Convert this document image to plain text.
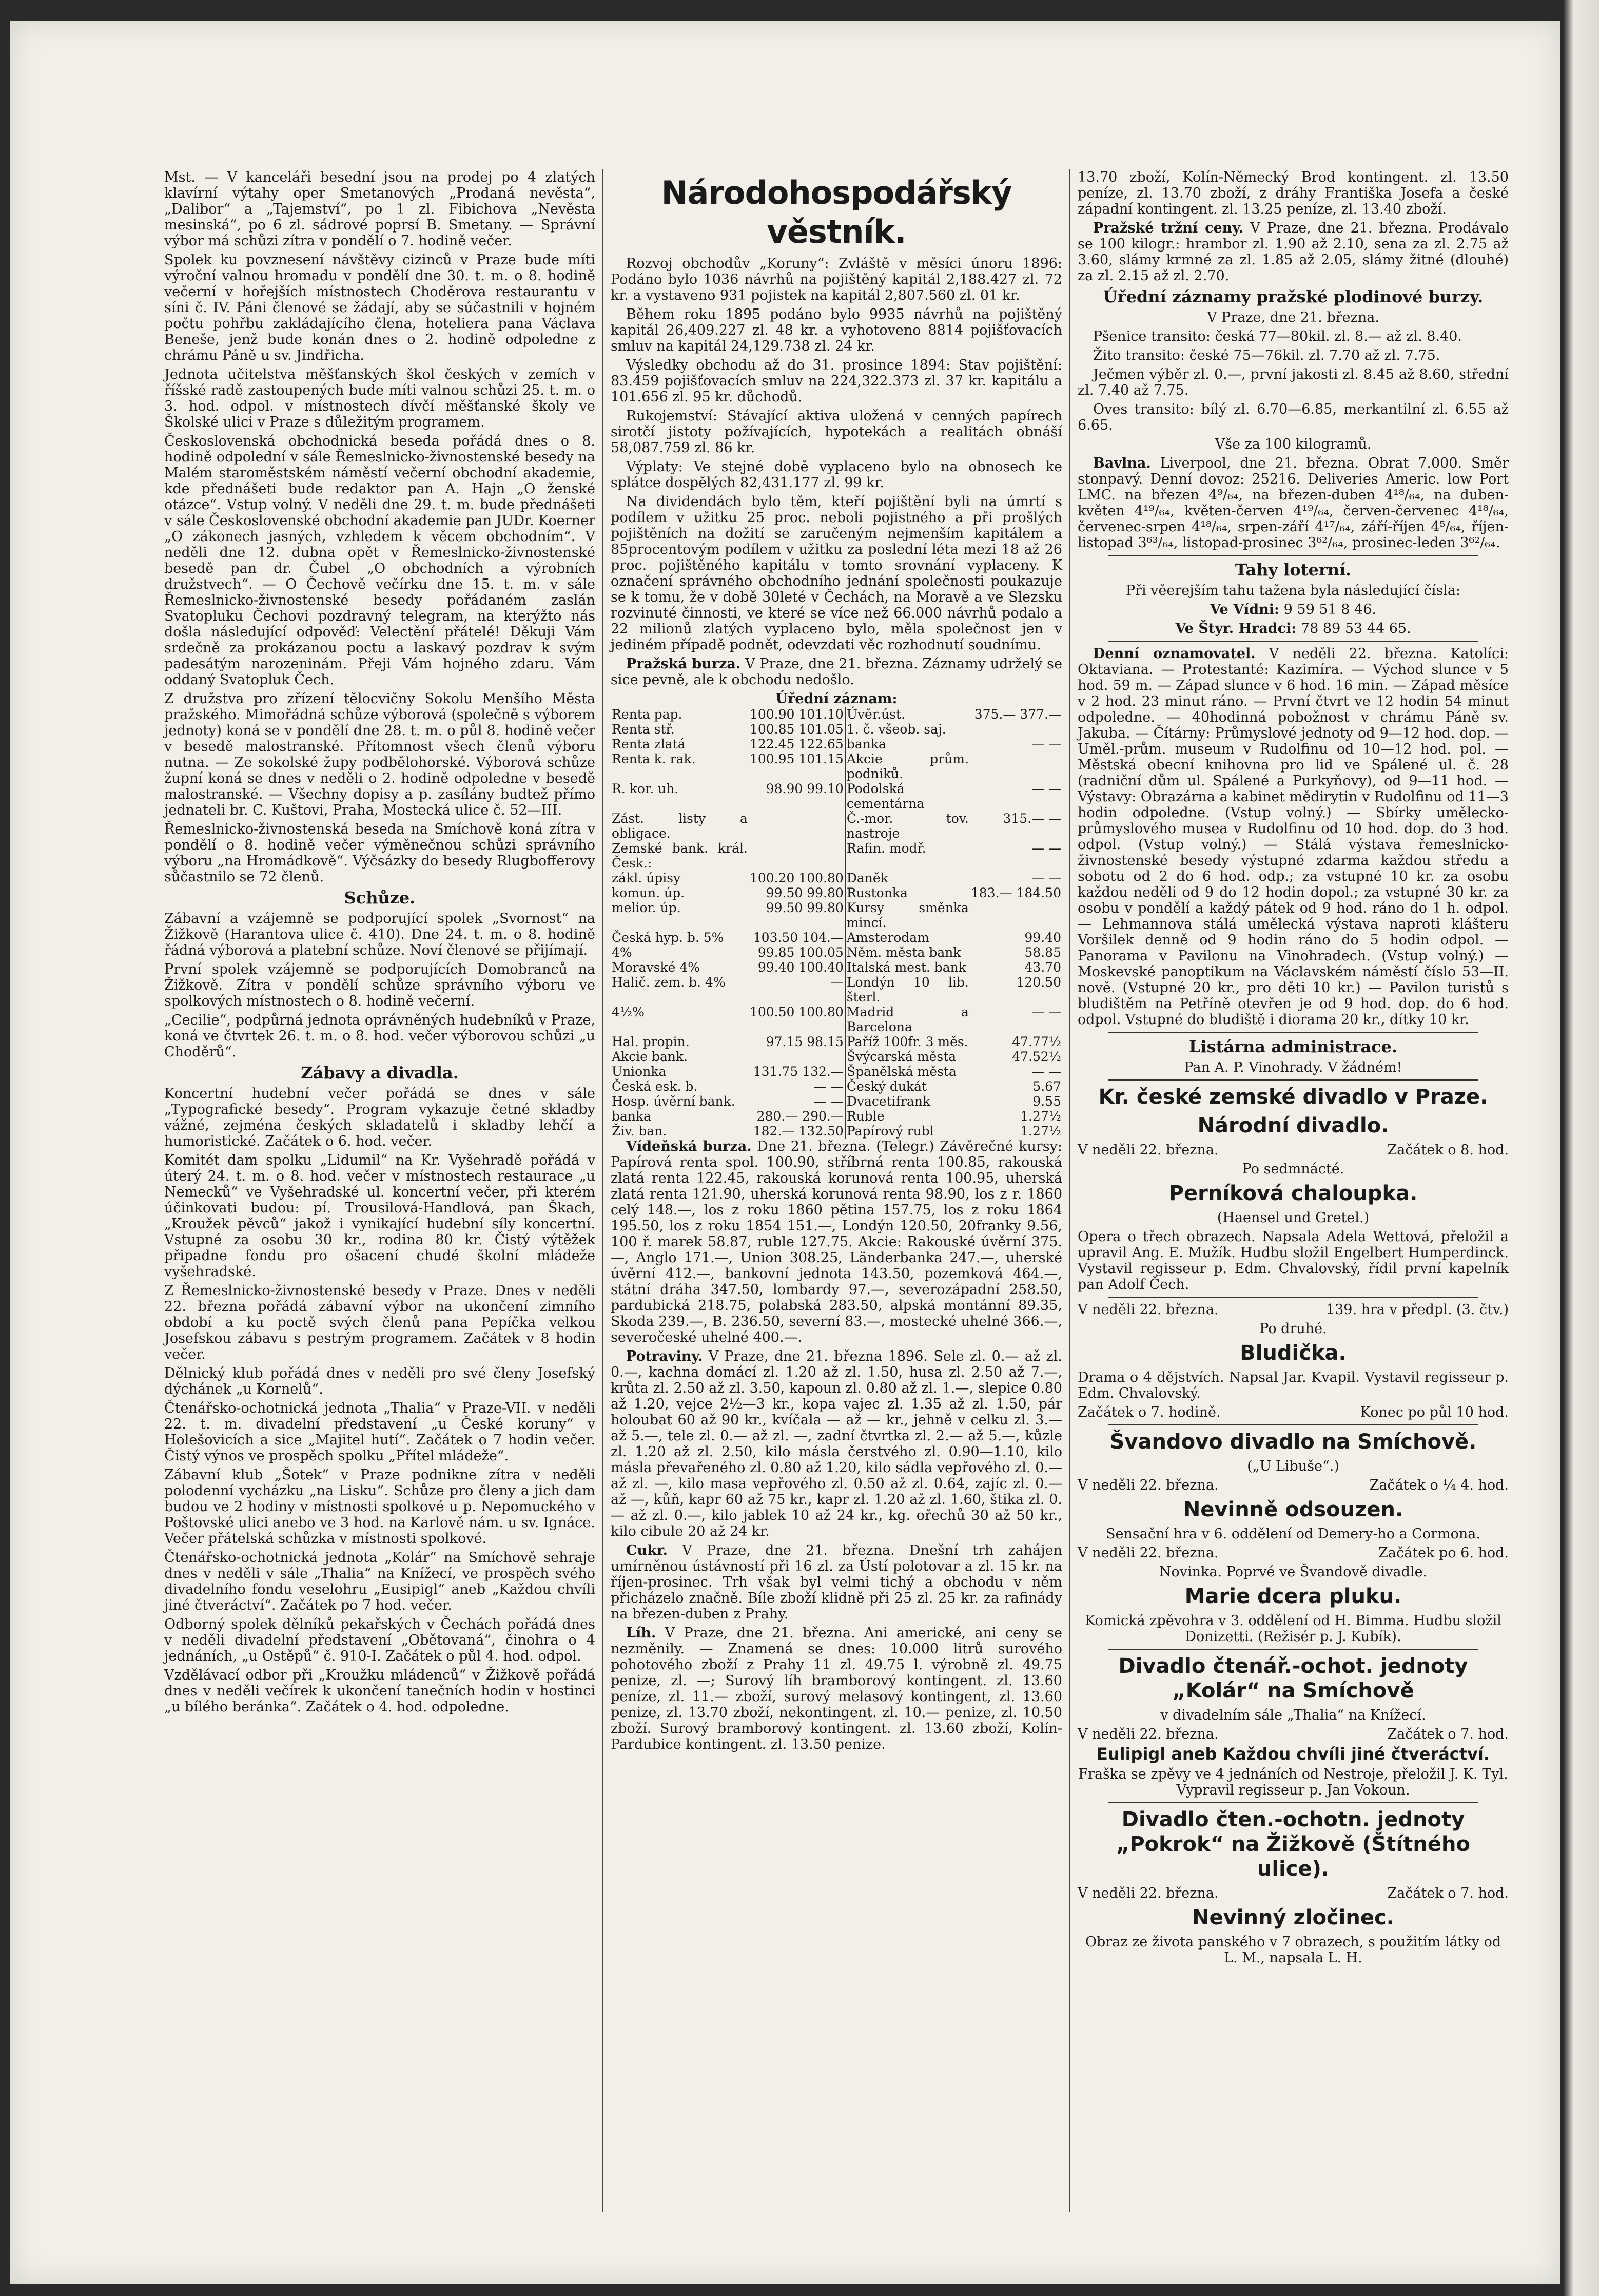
Mst. — V kanceláři besední jsou na prodej po 4 zlatých klavírní výtahy oper Smetanových „Prodaná nevěsta“, „Dalibor“ a „Tajemství“, po 1 zl. Fibichova „Nevěsta mesinská“, po 6 zl. sádrové poprsí B. Smetany. — Správní výbor má schůzi zítra v pondělí o 7. hodině večer.

Spolek ku povznesení návštěvy cizinců v Praze bude míti výroční valnou hromadu v pondělí dne 30. t. m. o 8. hodině večerní v hořejších místnostech Choděrova restaurantu v síni č. IV. Páni členové se žádají, aby se súčastnili v hojném počtu pohřbu zakládajícího člena, hoteliera pana Václava Beneše, jenž bude konán dnes o 2. hodině odpoledne z chrámu Páně u sv. Jindřicha.

Jednota učitelstva měšťanských škol českých v zemích v říšské radě zastoupených bude míti valnou schůzi 25. t. m. o 3. hod. odpol. v místnostech dívčí měšťanské školy ve Školské ulici v Praze s důležitým programem.

Československá obchodnická beseda pořádá dnes o 8. hodině odpolední v sále Řemeslnicko-živnostenské besedy na Malém staroměstském náměstí večerní obchodní akademie, kde přednášeti bude redaktor pan A. Hajn „O ženské otázce“. Vstup volný. V neděli dne 29. t. m. bude přednášeti v sále Československé obchodní akademie pan JUDr. Koerner „O zákonech jasných, vzhledem k věcem obchodním“. V neděli dne 12. dubna opět v Řemeslnicko-živnostenské besedě pan dr. Čubel „O obchodních a výrobních družstvech“. — O Čechově večírku dne 15. t. m. v sále Řemeslnicko-živnostenské besedy pořádaném zaslán Svatopluku Čechovi pozdravný telegram, na kterýžto nás došla následující odpověď: Velectění přátelé! Děkuji Vám srdečně za prokázanou poctu a laskavý pozdrav k svým padesátým narozeninám. Přeji Vám hojného zdaru. Vám oddaný Svatopluk Čech.

Z družstva pro zřízení tělocvičny Sokolu Menšího Města pražského. Mimořádná schůze výborová (společně s výborem jednoty) koná se v pondělí dne 28. t. m. o půl 8. hodině večer v besedě malostranské. Přítomnost všech členů výboru nutna. — Ze sokolské župy podbělohorské. Výborová schůze župní koná se dnes v neděli o 2. hodině odpoledne v besedě malostranské. — Všechny dopisy a p. zasílány budtež přímo jednateli br. C. Kuštovi, Praha, Mostecká ulice č. 52—III.

Řemeslnicko-živnostenská beseda na Smíchově koná zítra v pondělí o 8. hodině večer výměnečnou schůzi správního výboru „na Hromádkově“. Výčsázky do besedy Rlugbofferovy sůčastnilo se 72 členů.

Schůze.

Zábavní a vzájemně se podporující spolek „Svornost“ na Žižkově (Harantova ulice č. 410). Dne 24. t. m. o 8. hodině řádná výborová a platební schůze. Noví členové se přijímají.

První spolek vzájemně se podporujících Domobranců na Žižkově. Zítra v pondělí schůze správního výboru ve spolkových místnostech o 8. hodině večerní.

„Cecilie“, podpůrná jednota oprávněných hudebníků v Praze, koná ve čtvrtek 26. t. m. o 8. hod. večer výborovou schůzi „u Choděrů“.

Zábavy a divadla.

Koncertní hudební večer pořádá se dnes v sále „Typografické besedy“. Program vykazuje četné skladby vážné, zejména českých skladatelů i skladby lehčí a humoristické. Začátek o 6. hod. večer.

Komitét dam spolku „Lidumil“ na Kr. Vyšehradě pořádá v úterý 24. t. m. o 8. hod. večer v místnostech restaurace „u Nemecků“ ve Vyšehradské ul. koncertní večer, při kterém účinkovati budou: pí. Trousilová-Handlová, pan Škach, „Kroužek pěvců“ jakož i vynikající hudební síly koncertní. Vstupné za osobu 30 kr., rodina 80 kr. Čistý výtěžek připadne fondu pro ošacení chudé školní mládeže vyšehradské.

Z Řemeslnicko-živnostenské besedy v Praze. Dnes v neděli 22. března pořádá zábavní výbor na ukončení zimního období a ku poctě svých členů pana Pepíčka velkou Josefskou zábavu s pestrým programem. Začátek v 8 hodin večer.

Dělnický klub pořádá dnes v neděli pro své členy Josefský dýchánek „u Kornelů“.

Čtenářsko-ochotnická jednota „Thalia“ v Praze-VII. v neděli 22. t. m. divadelní představení „u České koruny“ v Holešovicích a sice „Majitel hutí“. Začátek o 7 hodin večer. Čistý výnos ve prospěch spolku „Přítel mládeže“.

Zábavní klub „Šotek“ v Praze podnikne zítra v neděli polodenní vycházku „na Lisku“. Schůze pro členy a jich dam budou ve 2 hodiny v místnosti spolkové u p. Nepomuckého v Poštovské ulici anebo ve 3 hod. na Karlově nám. u sv. Ignáce. Večer přátelská schůzka v místnosti spolkové.

Čtenářsko-ochotnická jednota „Kolár“ na Smíchově sehraje dnes v neděli v sále „Thalia“ na Knížecí, ve prospěch svého divadelního fondu veselohru „Eusipigl“ aneb „Každou chvíli jiné čtveráctví“. Začátek po 7 hod. večer.

Odborný spolek dělníků pekařských v Čechách pořádá dnes v neděli divadelní představení „Obětovaná“, činohra o 4 jednáních, „u Ostěpů“ č. 910-I. Začátek o půl 4. hod. odpol.

Vzdělávací odbor při „Kroužku mládenců“ v Žižkově pořádá dnes v neděli večírek k ukončení tanečních hodin v hostinci „u bílého beránka“. Začátek o 4. hod. odpoledne.

Národohospodářský věstník.

Rozvoj obchodův „Koruny“: Zvláště v měsíci únoru 1896: Podáno bylo 1036 návrhů na pojištěný kapitál 2,188.427 zl. 72 kr. a vystaveno 931 pojistek na kapitál 2,807.560 zl. 01 kr.

Během roku 1895 podáno bylo 9935 návrhů na pojištěný kapitál 26,409.227 zl. 48 kr. a vyhotoveno 8814 pojišťovacích smluv na kapitál 24,129.738 zl. 24 kr.

Výsledky obchodu až do 31. prosince 1894: Stav pojištění: 83.459 pojišťovacích smluv na 224,322.373 zl. 37 kr. kapitálu a 101.656 zl. 95 kr. důchodů.

Rukojemství: Stávající aktiva uložená v cenných papírech sirotčí jistoty požívajících, hypotekách a realitách obnáší 58,087.759 zl. 86 kr.

Výplaty: Ve stejné době vyplaceno bylo na obnosech ke splátce dospělých 82,431.177 zl. 99 kr.

Na dividendách bylo těm, kteří pojištění byli na úmrtí s podílem v užitku 25 proc. neboli pojistného a při prošlých pojištěních na dožití se zaručeným nejmenším kapitálem a 85procentovým podílem v užitku za poslední léta mezi 18 až 26 proc. pojištěného kapitálu v tomto srovnání vyplaceny. K označení správného obchodního jednání společnosti poukazuje se k tomu, že v době 30leté v Čechách, na Moravě a ve Slezsku rozvinuté činnosti, ve které se více než 66.000 návrhů podalo a 22 milionů zlatých vyplaceno bylo, měla společnost jen v jediném případě podnět, odevzdati věc rozhodnutí soudnímu.

Pražská burza. V Praze, dne 21. března. Záznamy udrželý se sice pevně, ale k obchodu nedošlo.

Úřední záznam:
Renta pap.	100.90 101.10	Úvěr.úst.	375.— 377.—
Renta stř.	100.85 101.05	1. č. všeob. saj.	
Renta zlatá	122.45 122.65	banka	— —
Renta k. rak.	100.95 101.15	Akcie prům. podniků.	
R. kor. uh.	98.90 99.10	Podolská cementárna	— —
Zást. listy a obligace.		Č.-mor. tov. nastroje	315.— —
Zemské bank. král. Česk.:		Rafin. modř.	— —
zákl. úpisy	100.20 100.80	Daněk	— —
komun. úp.	99.50 99.80	Rustonka	183.— 184.50
melior. úp.	99.50 99.80	Kursy směnka mincí.	
Česká hyp. b. 5%	103.50 104.—	Amsterodam	99.40
4%	99.85 100.05	Něm. města bank	58.85
Moravské 4%	99.40 100.40	Italská mest. bank	43.70
Halič. zem. b. 4%	—	Londýn 10 lib. šterl.	120.50
4½%	100.50 100.80	Madrid a Barcelona	— —
Hal. propin.	97.15 98.15	Paříž 100fr. 3 měs.	47.77½
Akcie bank.		Švýcarská města	47.52½
Unionka	131.75 132.—	Španělská města	— —
Česká esk. b.	— —	Český dukát	5.67
Hosp. úvěrní bank.	— —	Dvacetifrank	9.55
banka	280.— 290.—	Ruble	1.27½
Živ. ban.	182.— 132.50	Papírový rubl	1.27½

Vídeňská burza. Dne 21. března. (Telegr.) Závěrečné kursy: Papírová renta spol. 100.90, stříbrná renta 100.85, rakouská zlatá renta 122.45, rakouská korunová renta 100.95, uherská zlatá renta 121.90, uherská korunová renta 98.90, los z r. 1860 celý 148.—, los z roku 1860 pětina 157.75, los z roku 1864 195.50, los z roku 1854 151.—, Londýn 120.50, 20franky 9.56, 100 ř. marek 58.87, ruble 127.75. Akcie: Rakouské úvěrní 375.—, Anglo 171.—, Union 308.25, Länderbanka 247.—, uherské úvěrní 412.—, bankovní jednota 143.50, pozemková 464.—, státní dráha 347.50, lombardy 97.—, severozápadní 258.50, pardubická 218.75, polabská 283.50, alpská montánní 89.35, Skoda 239.—, B. 236.50, severní 83.—, mostecké uhelné 366.—, severočeské uhelné 400.—.

Potraviny. V Praze, dne 21. března 1896. Sele zl. 0.— až zl. 0.—, kachna domácí zl. 1.20 až zl. 1.50, husa zl. 2.50 až 7.—, krůta zl. 2.50 až zl. 3.50, kapoun zl. 0.80 až zl. 1.—, slepice 0.80 až 1.20, vejce 2½—3 kr., kopa vajec zl. 1.35 až zl. 1.50, pár holoubat 60 až 90 kr., kvíčala — až — kr., jehně v celku zl. 3.— až 5.—, tele zl. 0.— až zl. —, zadní čtvrtka zl. 2.— až 5.—, kůzle zl. 1.20 až zl. 2.50, kilo másla čerstvého zl. 0.90—1.10, kilo másla převařeného zl. 0.80 až 1.20, kilo sádla vepřového zl. 0.— až zl. —, kilo masa vepřového zl. 0.50 až zl. 0.64, zajíc zl. 0.— až —, kůň, kapr 60 až 75 kr., kapr zl. 1.20 až zl. 1.60, štika zl. 0.— až zl. 0.—, kilo jablek 10 až 24 kr., kg. ořechů 30 až 50 kr., kilo cibule 20 až 24 kr.

Cukr. V Praze, dne 21. března. Dnešní trh zahájen umírněnou ústávností při 16 zl. za Ústí polotovar a zl. 15 kr. na říjen-prosinec. Trh však byl velmi tichý a obchodu v něm přicházelo značně. Bíle zboží klidně při 25 zl. 25 kr. za rafinády na březen-duben z Prahy.

Líh. V Praze, dne 21. března. Ani americké, ani ceny se nezměnily. — Znamená se dnes: 10.000 litrů surového pohotového zboží z Prahy 11 zl. 49.75 l. výrobně zl. 49.75 penize, zl. —; Surový líh bramborový kontingent. zl. 13.60 peníze, zl. 11.— zboží, surový melasový kontingent, zl. 13.60 penize, zl. 13.70 zboží, nekontingent. zl. 10.— penize, zl. 10.50 zboží. Surový bramborový kontingent. zl. 13.60 zboží, Kolín-Pardubice kontingent. zl. 13.50 penize.

13.70 zboží, Kolín-Německý Brod kontingent. zl. 13.50 peníze, zl. 13.70 zboží, z dráhy Františka Josefa a české západní kontingent. zl. 13.25 peníze, zl. 13.40 zboží.

Pražské tržní ceny. V Praze, dne 21. března. Prodávalo se 100 kilogr.: hrambor zl. 1.90 až 2.10, sena za zl. 2.75 až 3.60, slámy krmné za zl. 1.85 až 2.05, slámy žitné (dlouhé) za zl. 2.15 až zl. 2.70.

Úřední záznamy pražské plodinové burzy.

V Praze, dne 21. března.

Pšenice transito: česká 77—80kil. zl. 8.— až zl. 8.40.

Žito transito: české 75—76kil. zl. 7.70 až zl. 7.75.

Ječmen výběr zl. 0.—, první jakosti zl. 8.45 až 8.60, střední zl. 7.40 až 7.75.

Oves transito: bílý zl. 6.70—6.85, merkantilní zl. 6.55 až 6.65.

Vše za 100 kilogramů.

Bavlna. Liverpool, dne 21. března. Obrat 7.000. Směr stonpavý. Denní dovoz: 25216. Deliveries Americ. low Port LMC. na březen 4⁹/₆₄, na březen-duben 4¹⁸/₆₄, na duben-květen 4¹⁹/₆₄, květen-červen 4¹⁹/₆₄, červen-červenec 4¹⁸/₆₄, červenec-srpen 4¹⁸/₆₄, srpen-září 4¹⁷/₆₄, září-říjen 4⁵/₆₄, říjen-listopad 3⁶³/₆₄, listopad-prosinec 3⁶²/₆₄, prosinec-leden 3⁶²/₆₄.

Tahy loterní.

Při věerejším tahu tažena byla následující čísla:

Ve Vídni: 9 59 51 8 46.

Ve Štyr. Hradci: 78 89 53 44 65.

Denní oznamovatel. V neděli 22. března. Katolíci: Oktaviana. — Protestanté: Kazimíra. — Východ slunce v 5 hod. 59 m. — Západ slunce v 6 hod. 16 min. — Západ měsíce v 2 hod. 23 minut ráno. — První čtvrt ve 12 hodin 54 minut odpoledne. — 40hodinná pobožnost v chrámu Páně sv. Jakuba. — Čítárny: Průmyslové jednoty od 9—12 hod. dop. — Uměl.-prům. museum v Rudolfinu od 10—12 hod. pol. — Městská obecní knihovna pro lid ve Spálené ul. č. 28 (radniční dům ul. Spálené a Purkyňovy), od 9—11 hod. — Výstavy: Obrazárna a kabinet mědirytin v Rudolfinu od 11—3 hodin odpoledne. (Vstup volný.) — Sbírky umělecko-průmyslového musea v Rudolfinu od 10 hod. dop. do 3 hod. odpol. (Vstup volný.) — Stálá výstava řemeslnicko-živnostenské besedy výstupné zdarma každou středu a sobotu od 2 do 6 hod. odp.; za vstupné 10 kr. za osobu každou neděli od 9 do 12 hodin dopol.; za vstupné 30 kr. za osobu v pondělí a každý pátek od 9 hod. ráno do 1 h. odpol. — Lehmannova stálá umělecká výstava naproti klášteru Voršilek denně od 9 hodin ráno do 5 hodin odpol. — Panorama v Pavilonu na Vinohradech. (Vstup volný.) — Moskevské panoptikum na Václavském náměstí číslo 53—II. nově. (Vstupné 20 kr., pro děti 10 kr.) — Pavilon turistů s bludištěm na Petříně otevřen je od 9 hod. dop. do 6 hod. odpol. Vstupné do bludiště i diorama 20 kr., dítky 10 kr.

Listárna administrace.

Pan A. P. Vinohrady. V žádném!

Kr. české zemské divadlo v Praze.
Národní divadlo.

V neděli 22. března.	Začátek o 8. hod.

Po sedmnácté.

Perníková chaloupka.

(Haensel und Gretel.)

Opera o třech obrazech. Napsala Adela Wettová, přeložil a upravil Ang. E. Mužík. Hudbu složil Engelbert Humperdinck. Vystavil regisseur p. Edm. Chvalovský, řídil první kapelník pan Adolf Čech.

V neděli 22. března.	139. hra v předpl. (3. čtv.)

Po druhé.

Bludička.

Drama o 4 dějstvích. Napsal Jar. Kvapil. Vystavil regisseur p. Edm. Chvalovský.

Začátek o 7. hodině.	Konec po půl 10 hod.

Švandovo divadlo na Smíchově.

(„U Libuše“.)

V neděli 22. března.	Začátek o ¼ 4. hod.

Nevinně odsouzen.

Sensační hra v 6. oddělení od Demery-ho a Cormona.

V neděli 22. března.	Začátek po 6. hod.

Novinka. Poprvé ve Švandově divadle.

Marie dcera pluku.

Komická zpěvohra v 3. oddělení od H. Bimma. Hudbu složil Donizetti. (Režisér p. J. Kubík).

Divadlo čtenář.-ochot. jednoty „Kolár“ na Smíchově

v divadelním sále „Thalia“ na Knížecí.

V neděli 22. března.	Začátek o 7. hod.

Eulipigl aneb Každou chvíli jiné čtveráctví.

Fraška se zpěvy ve 4 jednáních od Nestroje, přeložil J. K. Tyl. Vypravil regisseur p. Jan Vokoun.

Divadlo čten.-ochotn. jednoty „Pokrok“ na Žižkově (Štítného ulice).

V neděli 22. března.	Začátek o 7. hod.

Nevinný zločinec.

Obraz ze života panského v 7 obrazech, s použitím látky od L. M., napsala L. H.
